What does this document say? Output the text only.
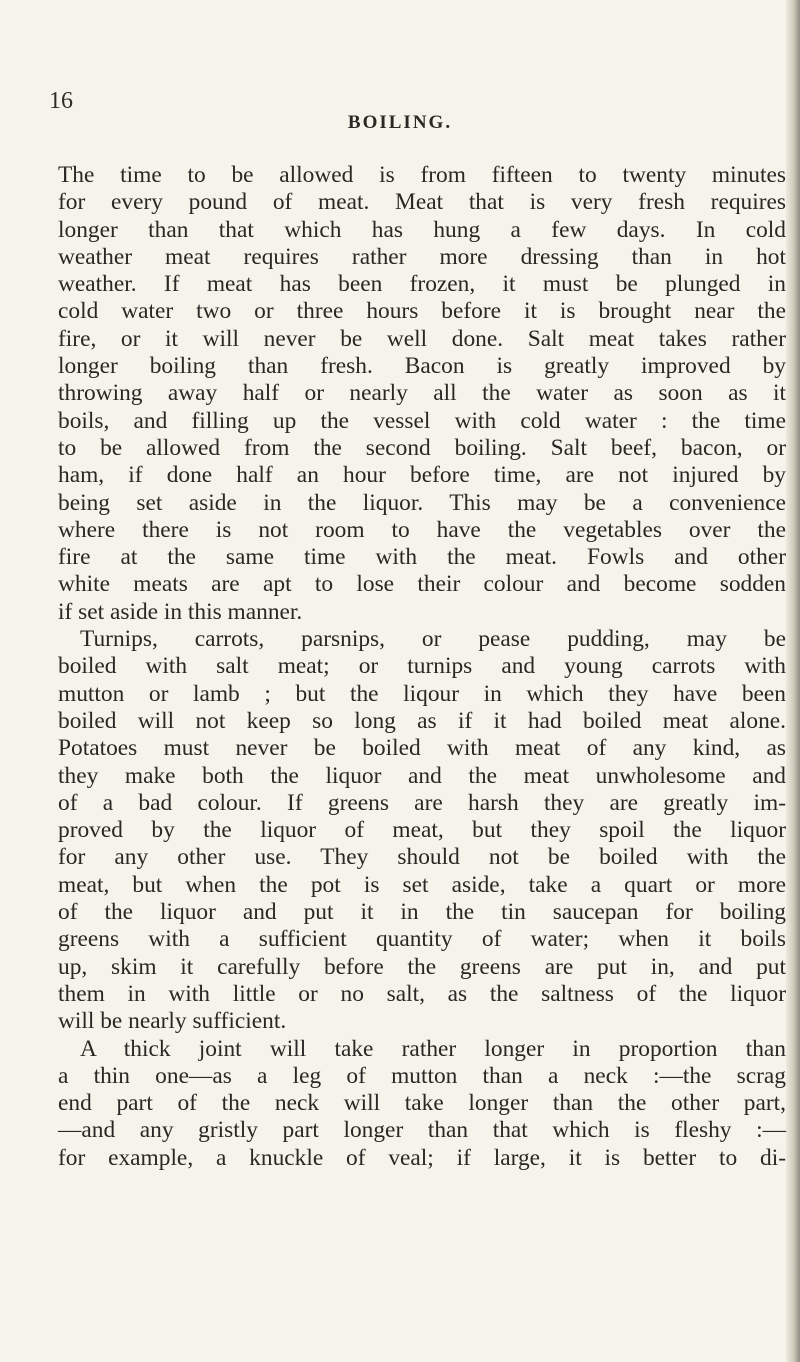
16
BOILING.
The time to be allowed is from fifteen to twenty minutes
for every pound of meat. Meat that is very fresh requires
longer than that which has hung a few days. In cold
weather meat requires rather more dressing than in hot
weather. If meat has been frozen, it must be plunged in
cold water two or three hours before it is brought near the
fire, or it will never be well done. Salt meat takes rather
longer boiling than fresh. Bacon is greatly improved by
throwing away half or nearly all the water as soon as it
boils, and filling up the vessel with cold water : the time
to be allowed from the second boiling. Salt beef, bacon, or
ham, if done half an hour before time, are not injured by
being set aside in the liquor. This may be a convenience
where there is not room to have the vegetables over the
fire at the same time with the meat. Fowls and other
white meats are apt to lose their colour and become sodden
if set aside in this manner.
Turnips, carrots, parsnips, or pease pudding, may be
boiled with salt meat; or turnips and young carrots with
mutton or lamb ; but the liqour in which they have been
boiled will not keep so long as if it had boiled meat alone.
Potatoes must never be boiled with meat of any kind, as
they make both the liquor and the meat unwholesome and
of a bad colour. If greens are harsh they are greatly im-
proved by the liquor of meat, but they spoil the liquor
for any other use. They should not be boiled with the
meat, but when the pot is set aside, take a quart or more
of the liquor and put it in the tin saucepan for boiling
greens with a sufficient quantity of water; when it boils
up, skim it carefully before the greens are put in, and put
them in with little or no salt, as the saltness of the liquor
will be nearly sufficient.
A thick joint will take rather longer in proportion than
a thin one—as a leg of mutton than a neck :—the scrag
end part of the neck will take longer than the other part,
—and any gristly part longer than that which is fleshy :—
for example, a knuckle of veal; if large, it is better to di-
